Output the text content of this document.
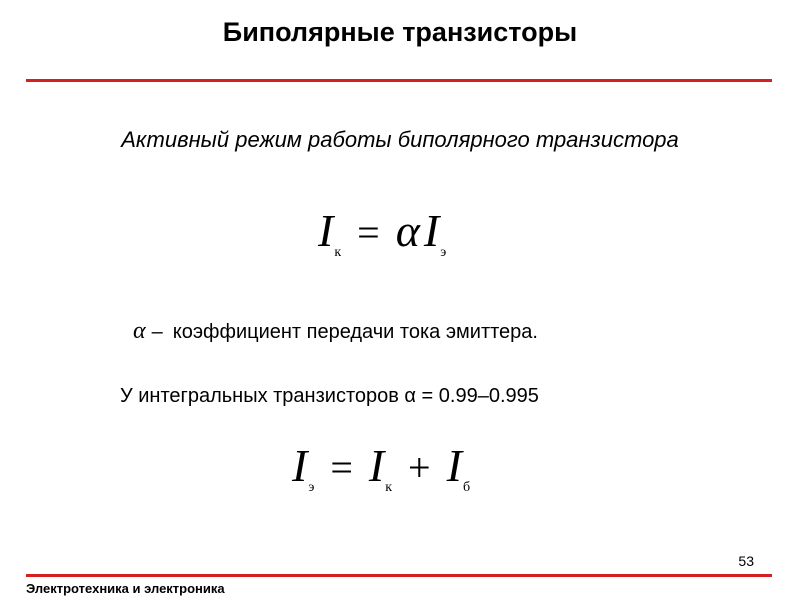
Биполярные транзисторы
Активный режим работы биполярного транзистора
Iк = α Iэ
α – коэффициент передачи тока эмиттера.
У интегральных транзисторов α = 0.99–0.995
Iэ = Iк + Iб
53
Электротехника и электроника
